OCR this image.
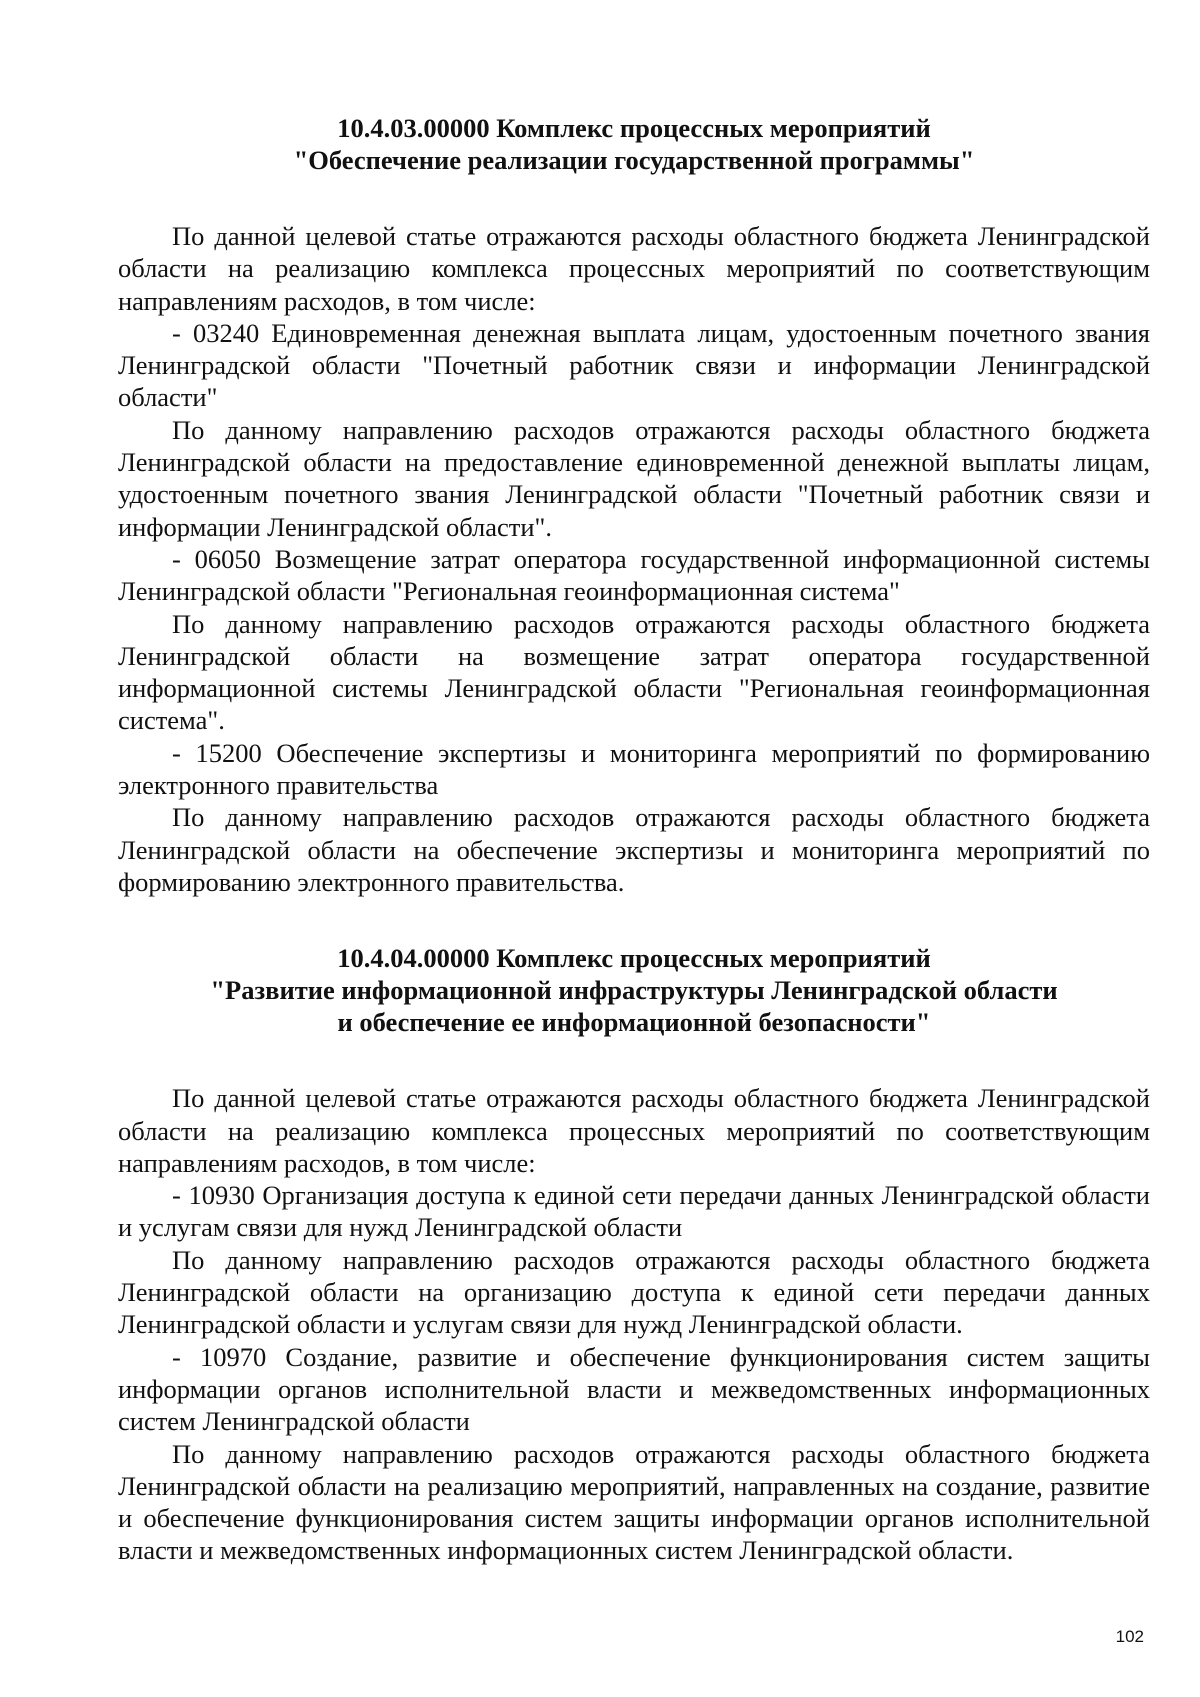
10.4.03.00000 Комплекс процессных мероприятий
"Обеспечение реализации государственной программы"

По данной целевой статье отражаются расходы областного бюджета Ленинградской области на реализацию комплекса процессных мероприятий по соответствующим направлениям расходов, в том числе:

- 03240 Единовременная денежная выплата лицам, удостоенным почетного звания Ленинградской области "Почетный работник связи и информации Ленинградской области"

По данному направлению расходов отражаются расходы областного бюджета Ленинградской области на предоставление единовременной денежной выплаты лицам, удостоенным почетного звания Ленинградской области "Почетный работник связи и информации Ленинградской области".

- 06050 Возмещение затрат оператора государственной информационной системы Ленинградской области "Региональная геоинформационная система"

По данному направлению расходов отражаются расходы областного бюджета Ленинградской области на возмещение затрат оператора государственной информационной системы Ленинградской области "Региональная геоинформационная система".

- 15200 Обеспечение экспертизы и мониторинга мероприятий по формированию электронного правительства

По данному направлению расходов отражаются расходы областного бюджета Ленинградской области на обеспечение экспертизы и мониторинга мероприятий по формированию электронного правительства.

10.4.04.00000 Комплекс процессных мероприятий
"Развитие информационной инфраструктуры Ленинградской области
и обеспечение ее информационной безопасности"

По данной целевой статье отражаются расходы областного бюджета Ленинградской области на реализацию комплекса процессных мероприятий по соответствующим направлениям расходов, в том числе:

- 10930 Организация доступа к единой сети передачи данных Ленинградской области и услугам связи для нужд Ленинградской области

По данному направлению расходов отражаются расходы областного бюджета Ленинградской области на организацию доступа к единой сети передачи данных Ленинградской области и услугам связи для нужд Ленинградской области.

- 10970 Создание, развитие и обеспечение функционирования систем защиты информации органов исполнительной власти и межведомственных информационных систем Ленинградской области

По данному направлению расходов отражаются расходы областного бюджета Ленинградской области на реализацию мероприятий, направленных на создание, развитие и обеспечение функционирования систем защиты информации органов исполнительной власти и межведомственных информационных систем Ленинградской области.

102
